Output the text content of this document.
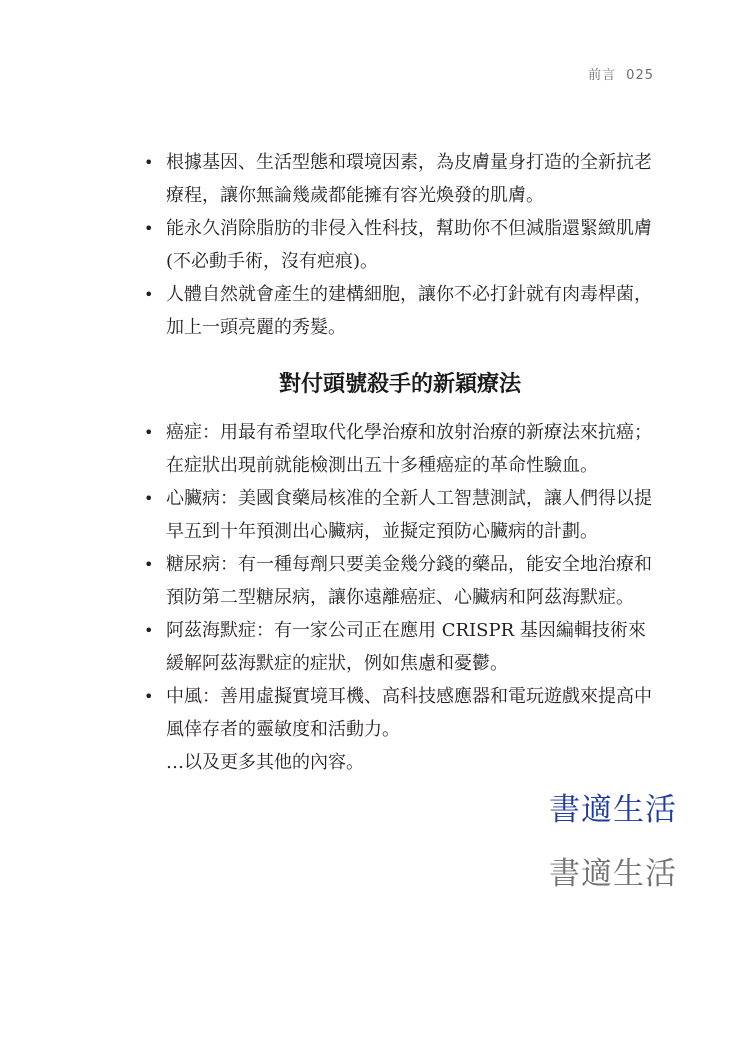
前言 025
• 根據基因、生活型態和環境因素，為皮膚量身打造的全新抗老療程，讓你無論幾歲都能擁有容光煥發的肌膚。
• 能永久消除脂肪的非侵入性科技，幫助你不但減脂還緊緻肌膚(不必動手術，沒有疤痕)。
• 人體自然就會產生的建構細胞，讓你不必打針就有肉毒桿菌，加上一頭亮麗的秀髮。
對付頭號殺手的新穎療法
• 癌症：用最有希望取代化學治療和放射治療的新療法來抗癌；在症狀出現前就能檢測出五十多種癌症的革命性驗血。
• 心臟病：美國食藥局核准的全新人工智慧測試，讓人們得以提早五到十年預測出心臟病，並擬定預防心臟病的計劃。
• 糖尿病：有一種每劑只要美金幾分錢的藥品，能安全地治療和預防第二型糖尿病，讓你遠離癌症、心臟病和阿茲海默症。
• 阿茲海默症：有一家公司正在應用 CRISPR 基因編輯技術來緩解阿茲海默症的症狀，例如焦慮和憂鬱。
• 中風：善用虛擬實境耳機、高科技感應器和電玩遊戲來提高中風倖存者的靈敏度和活動力。
…以及更多其他的內容。
書適生活
書適生活
